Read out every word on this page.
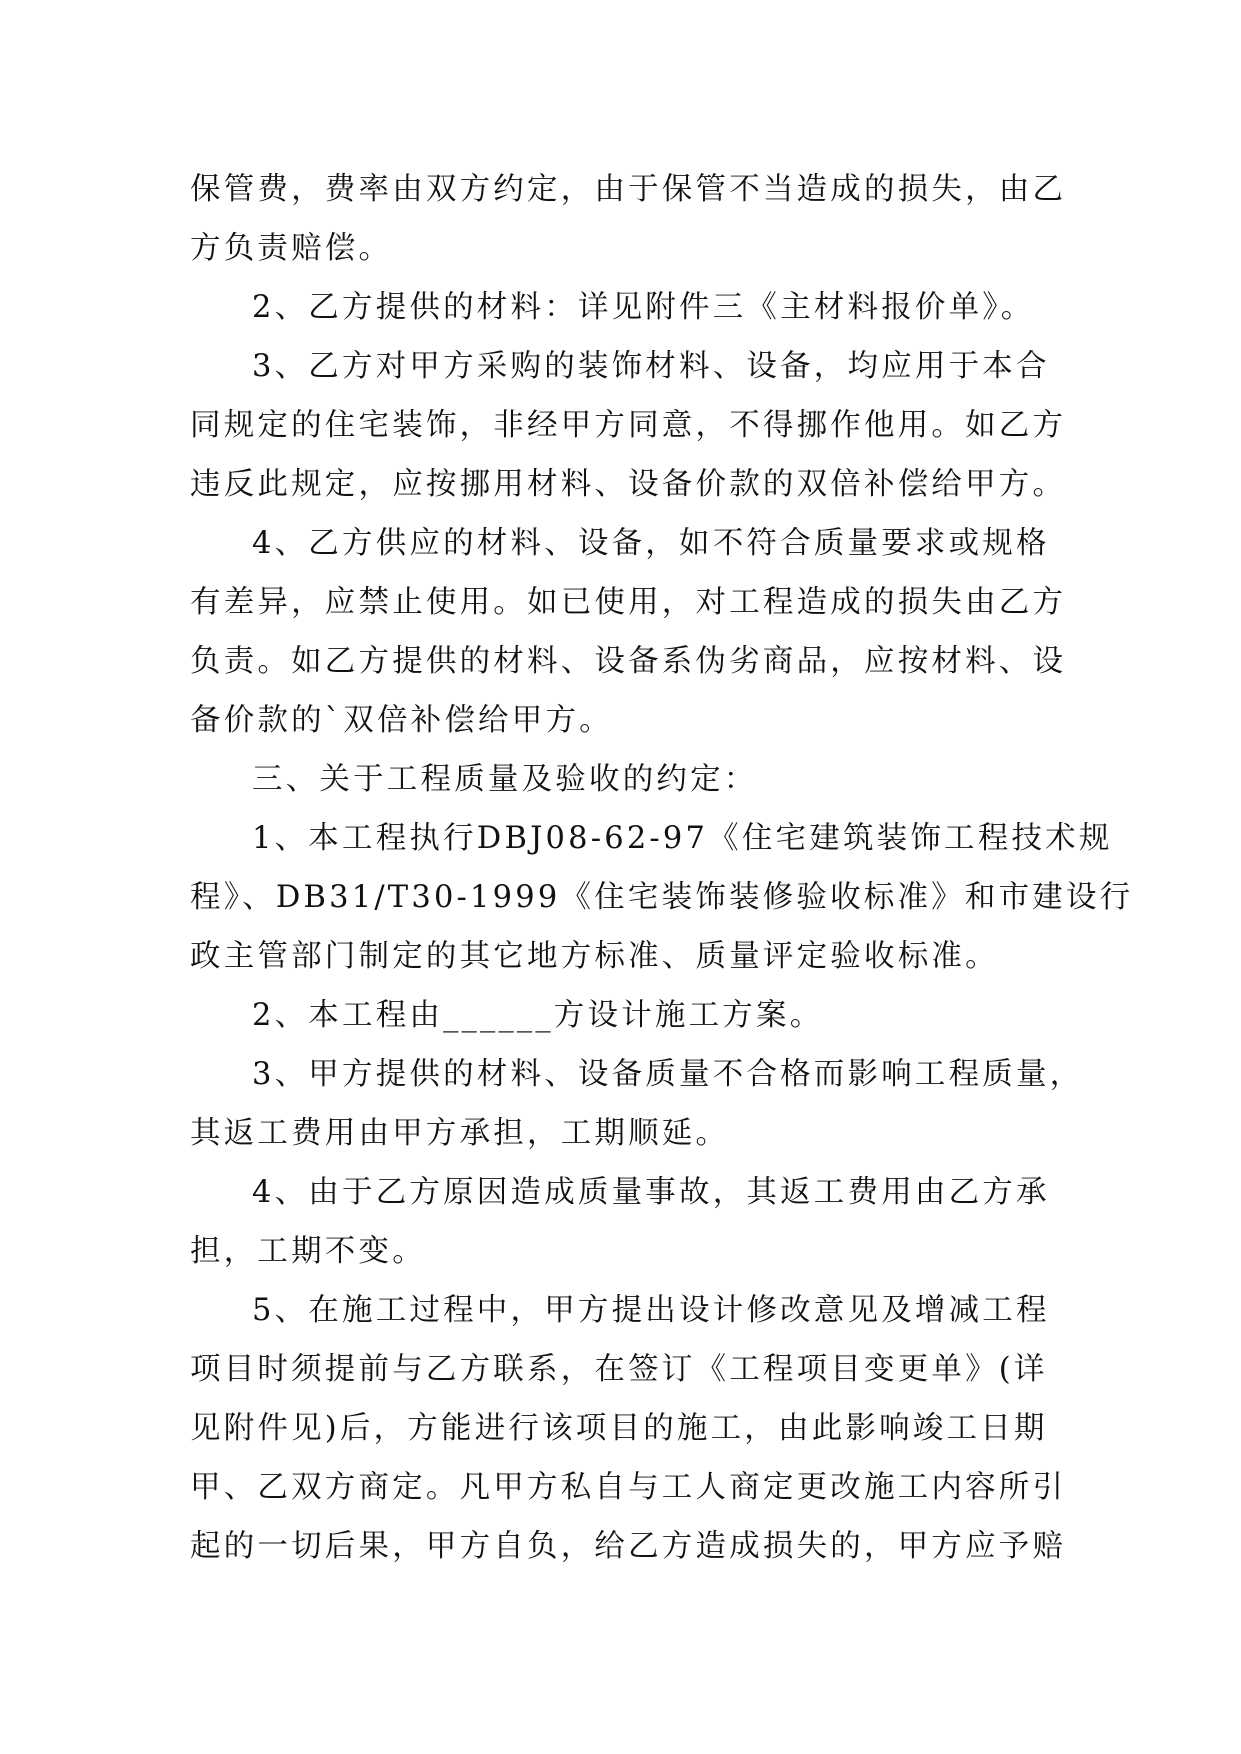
保管费，费率由双方约定，由于保管不当造成的损失，由乙
方负责赔偿。
2、乙方提供的材料：详见附件三《主材料报价单》。
3、乙方对甲方采购的装饰材料、设备，均应用于本合
同规定的住宅装饰，非经甲方同意，不得挪作他用。如乙方
违反此规定，应按挪用材料、设备价款的双倍补偿给甲方。
4、乙方供应的材料、设备，如不符合质量要求或规格
有差异，应禁止使用。如已使用，对工程造成的损失由乙方
负责。如乙方提供的材料、设备系伪劣商品，应按材料、设
备价款的`双倍补偿给甲方。
三、关于工程质量及验收的约定：
1、本工程执行DBJ08-62-97《住宅建筑装饰工程技术规
程》、DB31/T30-1999《住宅装饰装修验收标准》和市建设行
政主管部门制定的其它地方标准、质量评定验收标准。
2、本工程由______方设计施工方案。
3、甲方提供的材料、设备质量不合格而影响工程质量，
其返工费用由甲方承担，工期顺延。
4、由于乙方原因造成质量事故，其返工费用由乙方承
担，工期不变。
5、在施工过程中，甲方提出设计修改意见及增减工程
项目时须提前与乙方联系，在签订《工程项目变更单》(详
见附件见)后，方能进行该项目的施工，由此影响竣工日期
甲、乙双方商定。凡甲方私自与工人商定更改施工内容所引
起的一切后果，甲方自负，给乙方造成损失的，甲方应予赔
